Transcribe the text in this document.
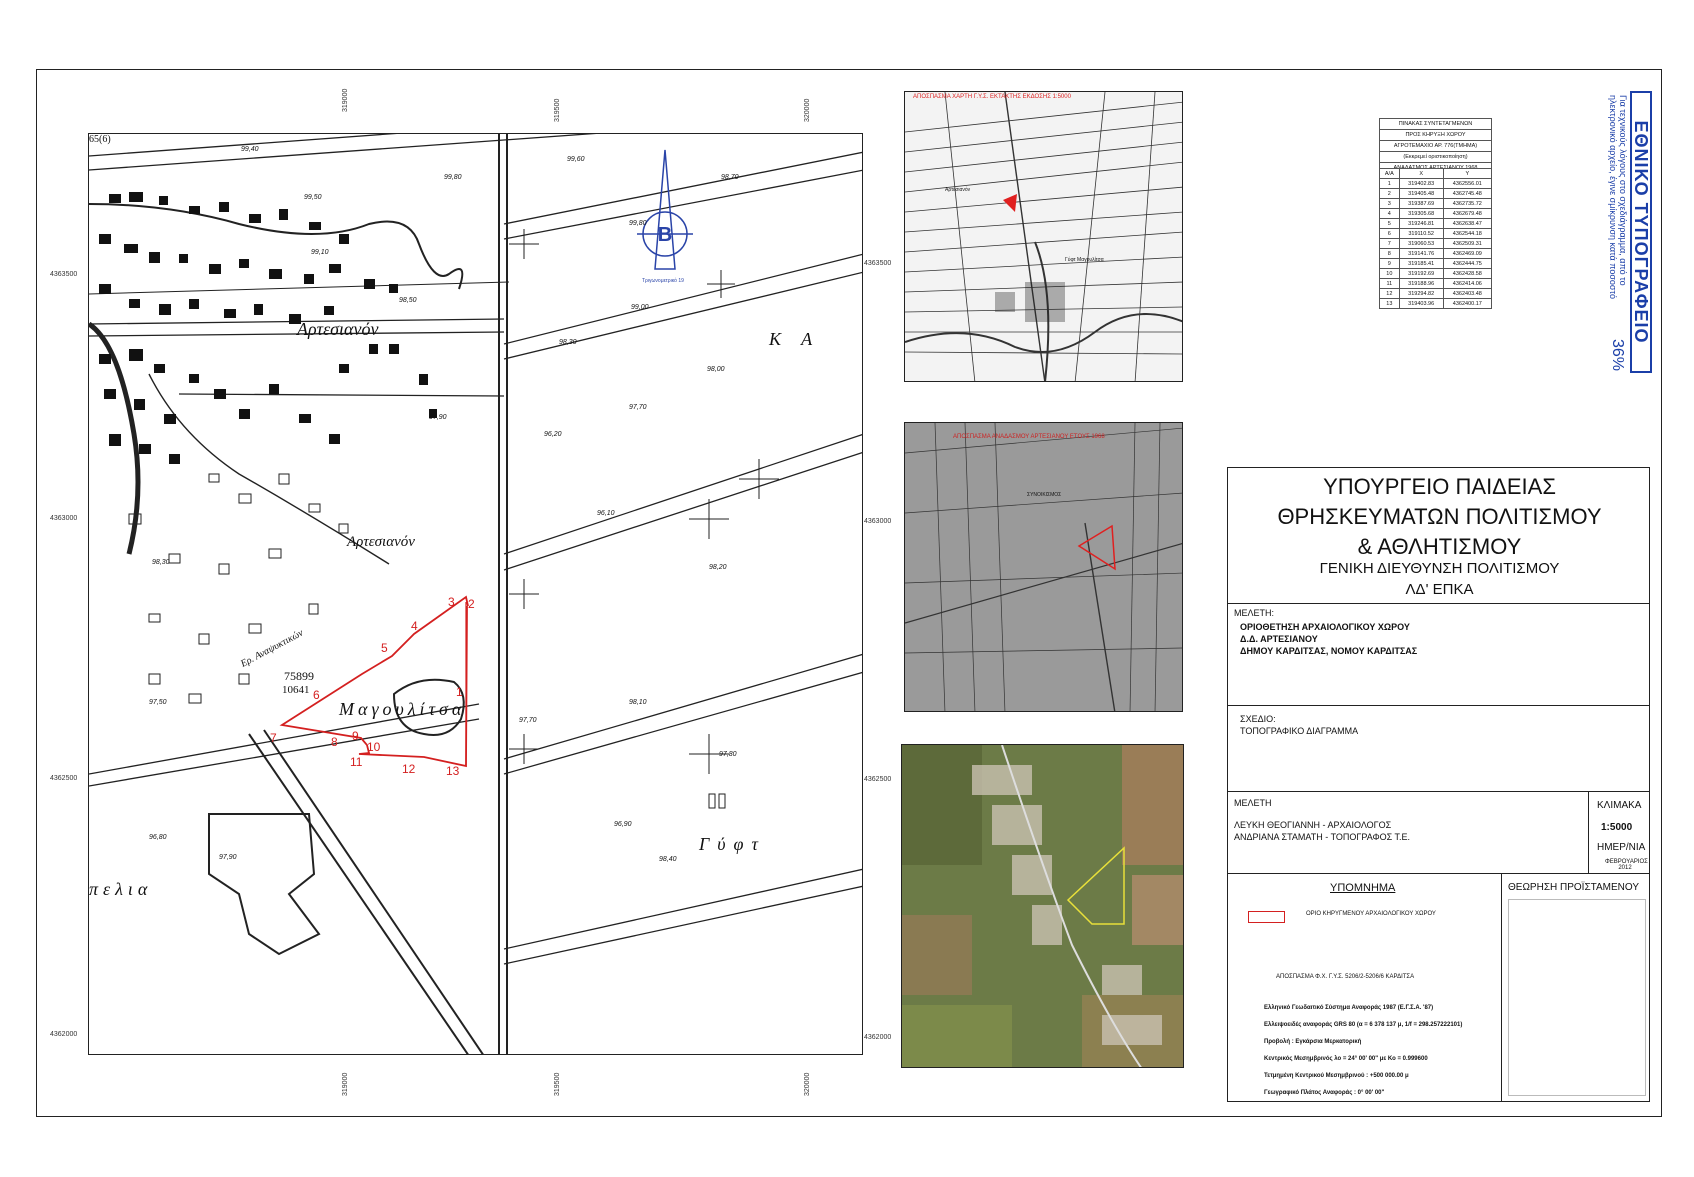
B
Αρτεσιανόν
Αρτεσιανόν
Μαγουλίτσα
Κ Α
Γύφτ
πελια
Ερ. Αναψυκτικών
75899
10641
65(6)
99,40
99,60
99,80	98,70
99,50
99,80
99,10
99,00
98,50
98,30
98,00
97,70
97,90
96,20
96,10
98,30
98,20
98,10
97,70
97,50
97,80
96,90
97,90
96,80
98,40
1
2
3
4
5
6
7	8 9
10
11	12	13
Τριγωνομετρικό 19
319000	319500	320000
319000	319500	320000
4363500
4363000
4362500
4362000
4363500
4363000
4362500
4362000
ΑΠΟΣΠΑΣΜΑ ΧΑΡΤΗ Γ.Υ.Σ. ΕΚΤΑΚΤΗΣ ΕΚΔΟΣΗΣ 1:5000
Αρτεσιανόν
Γύφτ Μαγουλίτσα
ΑΠΟΣΠΑΣΜΑ ΑΝΑΔΑΣΜΟΥ ΑΡΤΕΣΙΑΝΟΥ ΕΤΟΥΣ 1968
ΣΥΝΟΙΚΙΣΜΟΣ
ΠΙΝΑΚΑΣ ΣΥΝΤΕΤΑΓΜΕΝΩΝ
ΠΡΟΣ ΚΗΡΥΞΗ ΧΩΡΟΥ
ΑΓΡΟΤΕΜΑΧΙΟ ΑΡ. 776(ΤΜΗΜΑ)
(Εκκρεμεί οριστικοποίηση)
ΑΝΑΔΑΣΜΟΣ ΑΡΤΕΣΙΑΝΟΥ 1968
Α/Α	Χ	Υ
1	319402.83	4362556.01
2	319405.48	4362745.48
3	319387.69	4362735.72
4	319305.68	4362679.48
5	319246.81	4362638.47
6	319110.52	4362544.18
7	319060.53	4362509.31
8	319141.76	4362469.09
9	319185.41	4362444.75
10	319192.69	4362428.58
11	319188.96	4362414.06
12	319294.82	4362403.48
13	319403.96	4362400.17	ΕΘΝΙΚΟ ΤΥΠΟΓΡΑΦΕΙΟ
Για τεχνικούς λόγους στο σχεδιάγραμμα, από το ηλεκτρονικό αρχείο, έγινε σμίκρυνση κατά ποσοστό
36%
ΥΠΟΥΡΓΕΙΟ ΠΑΙΔΕΙΑΣ
ΘΡΗΣΚΕΥΜΑΤΩΝ ΠΟΛΙΤΙΣΜΟΥ
& ΑΘΛΗΤΙΣΜΟΥ
ΓΕΝΙΚΗ ΔΙΕΥΘΥΝΣΗ ΠΟΛΙΤΙΣΜΟΥ
ΛΔ' ΕΠΚΑ
ΜΕΛΕΤΗ:
ΟΡΙΟΘΕΤΗΣΗ ΑΡΧΑΙΟΛΟΓΙΚΟΥ ΧΩΡΟΥ
Δ.Δ. ΑΡΤΕΣΙΑΝΟΥ
ΔΗΜΟΥ ΚΑΡΔΙΤΣΑΣ, ΝΟΜΟΥ ΚΑΡΔΙΤΣΑΣ
ΣΧΕΔΙΟ:
ΤΟΠΟΓΡΑΦΙΚΟ ΔΙΑΓΡΑΜΜΑ
ΜΕΛΕΤΗ
ΛΕΥΚΗ ΘΕΟΓΙΑΝΝΗ - ΑΡΧΑΙΟΛΟΓΟΣ
ΑΝΔΡΙΑΝΑ ΣΤΑΜΑΤΗ - ΤΟΠΟΓΡΑΦΟΣ Τ.Ε.
ΚΛΙΜΑΚΑ
1:5000
ΗΜΕΡ/ΝΙΑ
ΦΕΒΡΟΥΑΡΙΟΣ 2012
ΥΠΟΜΝΗΜΑ
ΟΡΙΟ ΚΗΡΥΓΜΕΝΟΥ ΑΡΧΑΙΟΛΟΓΙΚΟΥ ΧΩΡΟΥ
ΑΠΟΣΠΑΣΜΑ Φ.Χ. Γ.Υ.Σ. 5206/2-5206/6 ΚΑΡΔΙΤΣΑ
Ελληνικό Γεωδαιτικό Σύστημα Αναφοράς 1987 (Ε.Γ.Σ.Α. '87)
Ελλειψοειδές αναφοράς GRS 80 (α = 6 378 137 μ, 1/f = 298.257222101)
Προβολή : Εγκάρσια Μερκατορική
Κεντρικός Μεσημβρινός λο = 24° 00' 00" με Κο = 0.999600
Τετμημένη Κεντρικού Μεσημβρινού : +500 000.00 μ
Γεωγραφικό Πλάτος Αναφοράς : 0° 00' 00"
ΘΕΩΡΗΣΗ ΠΡΟΪΣΤΑΜΕΝΟΥ
